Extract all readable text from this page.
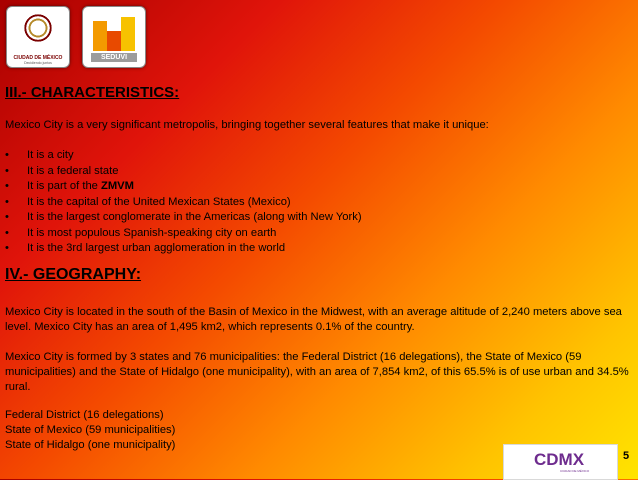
CIUDAD DE MÉXICO
Decidiendo juntos
SEDUVI
III.- CHARACTERISTICS:

Mexico City is a very significant metropolis, bringing together several features that make it unique:

• It is a city
• It is a federal state
• It is part of the ZMVM
• It is the capital of the United Mexican States (Mexico)
• It is the largest conglomerate in the Americas (along with New York)
• It is most populous Spanish-speaking city on earth
• It is the 3rd largest urban agglomeration in the world
IV.- GEOGRAPHY:

Mexico City is located in the south of the Basin of Mexico in the Midwest, with an average altitude of 2,240 meters above sea level. Mexico City has an area of 1,495 km2, which represents 0.1% of the country.

Mexico City is formed by 3 states and 76 municipalities: the Federal District (16 delegations), the State of Mexico (59 municipalities) and the State of Hidalgo (one municipality), with an area of 7,854 km2, of this 65.5% is of use urban and 34.5% rural.

Federal District (16 delegations)
State of Mexico (59 municipalities)
State of Hidalgo (one municipality)

CDMX
CIUDAD DE MÉXICO
5
